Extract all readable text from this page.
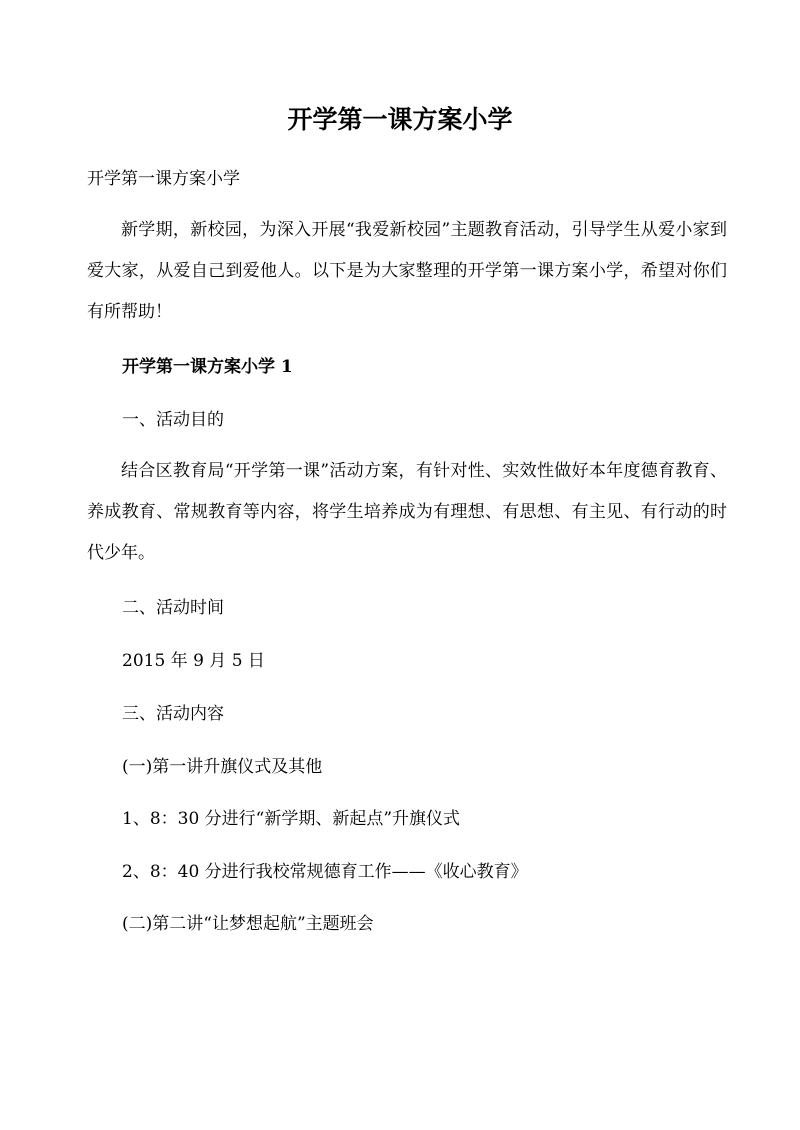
开学第一课方案小学

开学第一课方案小学

新学期，新校园，为深入开展“我爱新校园”主题教育活动，引导学生从爱小家到爱大家，从爱自己到爱他人。以下是为大家整理的开学第一课方案小学，希望对你们有所帮助！

开学第一课方案小学 1

一、活动目的

结合区教育局“开学第一课”活动方案，有针对性、实效性做好本年度德育教育、养成教育、常规教育等内容，将学生培养成为有理想、有思想、有主见、有行动的时代少年。

二、活动时间

2015 年 9 月 5 日

三、活动内容

(一)第一讲升旗仪式及其他

1、8：30 分进行“新学期、新起点”升旗仪式

2、8：40 分进行我校常规德育工作——《收心教育》

(二)第二讲“让梦想起航”主题班会
